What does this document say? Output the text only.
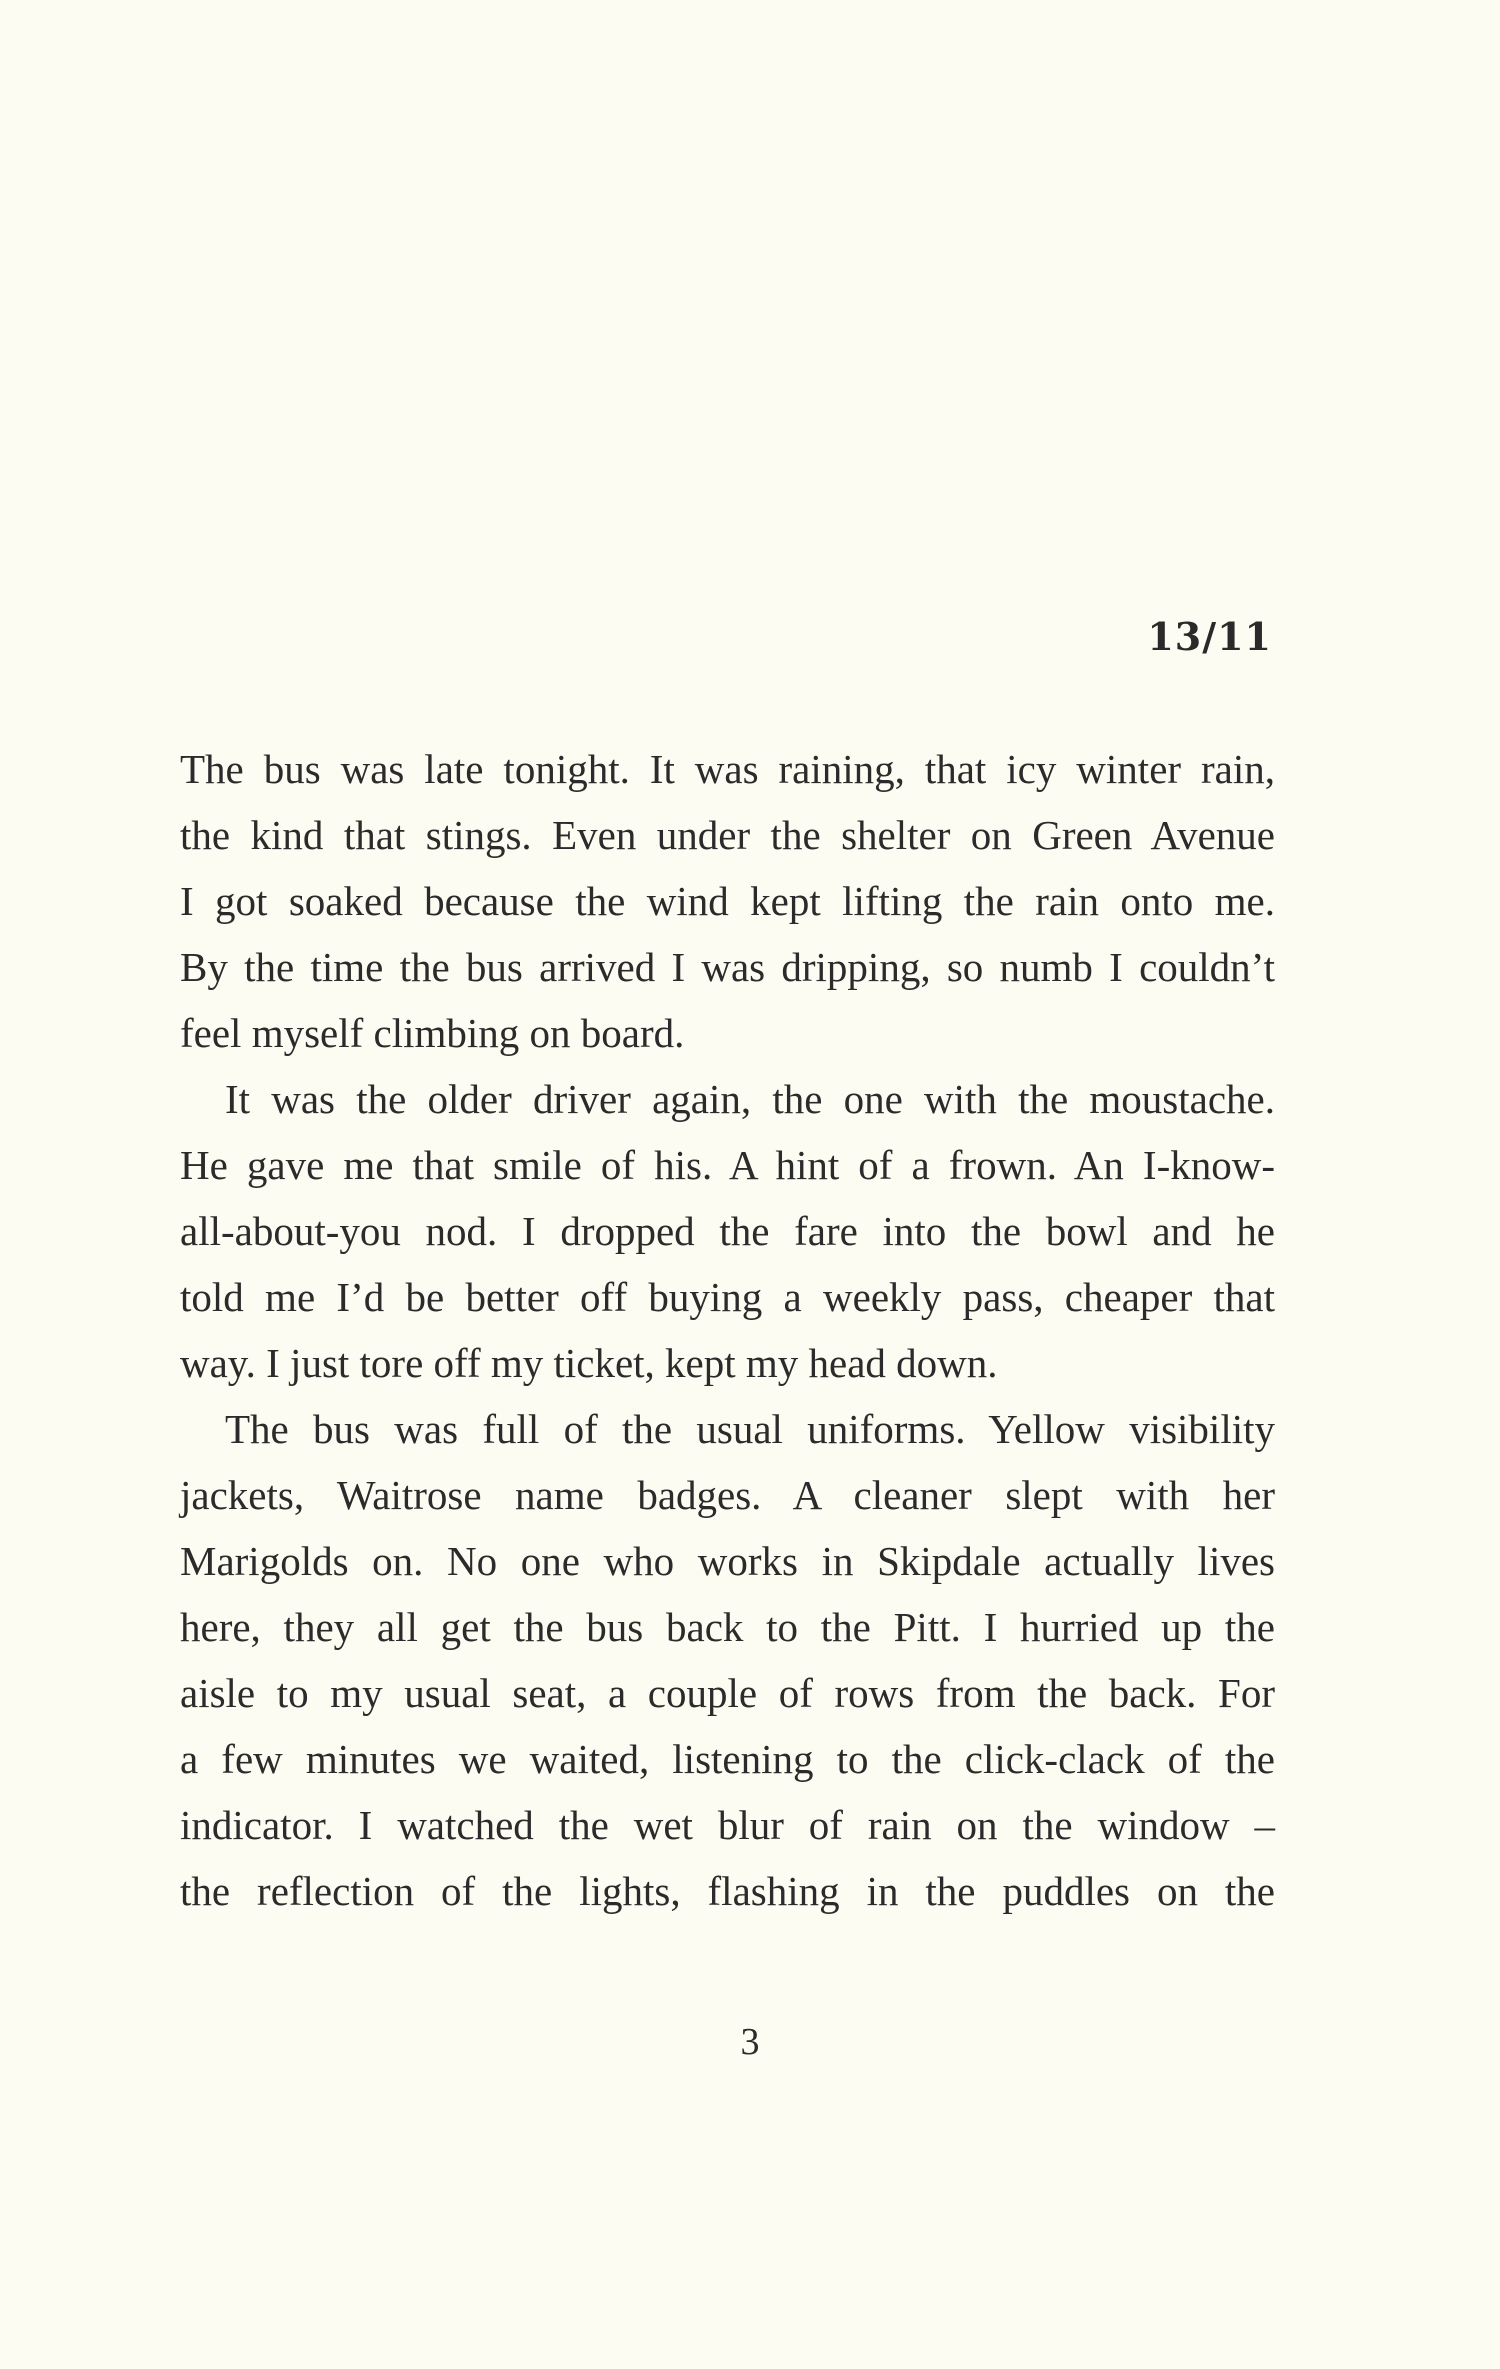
13/11

The bus was late tonight. It was raining, that icy winter rain,
the kind that stings. Even under the shelter on Green Avenue
I got soaked because the wind kept lifting the rain onto me.
By the time the bus arrived I was dripping, so numb I couldn’t
feel myself climbing on board.

It was the older driver again, the one with the moustache.
He gave me that smile of his. A hint of a frown. An I-know-
all-about-you nod. I dropped the fare into the bowl and he
told me I’d be better off buying a weekly pass, cheaper that
way. I just tore off my ticket, kept my head down.

The bus was full of the usual uniforms. Yellow visibility
jackets, Waitrose name badges. A cleaner slept with her
Marigolds on. No one who works in Skipdale actually lives
here, they all get the bus back to the Pitt. I hurried up the
aisle to my usual seat, a couple of rows from the back. For
a few minutes we waited, listening to the click-clack of the
indicator. I watched the wet blur of rain on the window –
the reflection of the lights, flashing in the puddles on the

3
